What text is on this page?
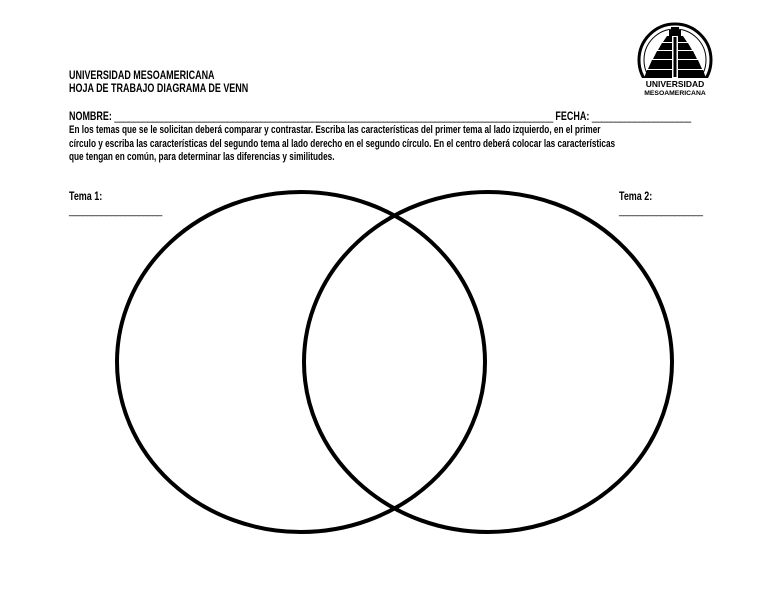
UNIVERSIDAD
MESOAMERICANA
UNIVERSIDAD MESOAMERICANA
HOJA DE TRABAJO DIAGRAMA DE VENN
NOMBRE: _____________________________________________________________________________________________ FECHA: _____________________
En los temas que se le solicitan deberá comparar y contrastar. Escriba las características del primer tema al lado izquierdo, en el primer
círculo y escriba las características del segundo tema al lado derecho en el segundo círculo. En el centro deberá colocar las características
que tengan en común, para determinar las diferencias y similitudes.
Tema 1:
____________________
Tema 2:
__________________
